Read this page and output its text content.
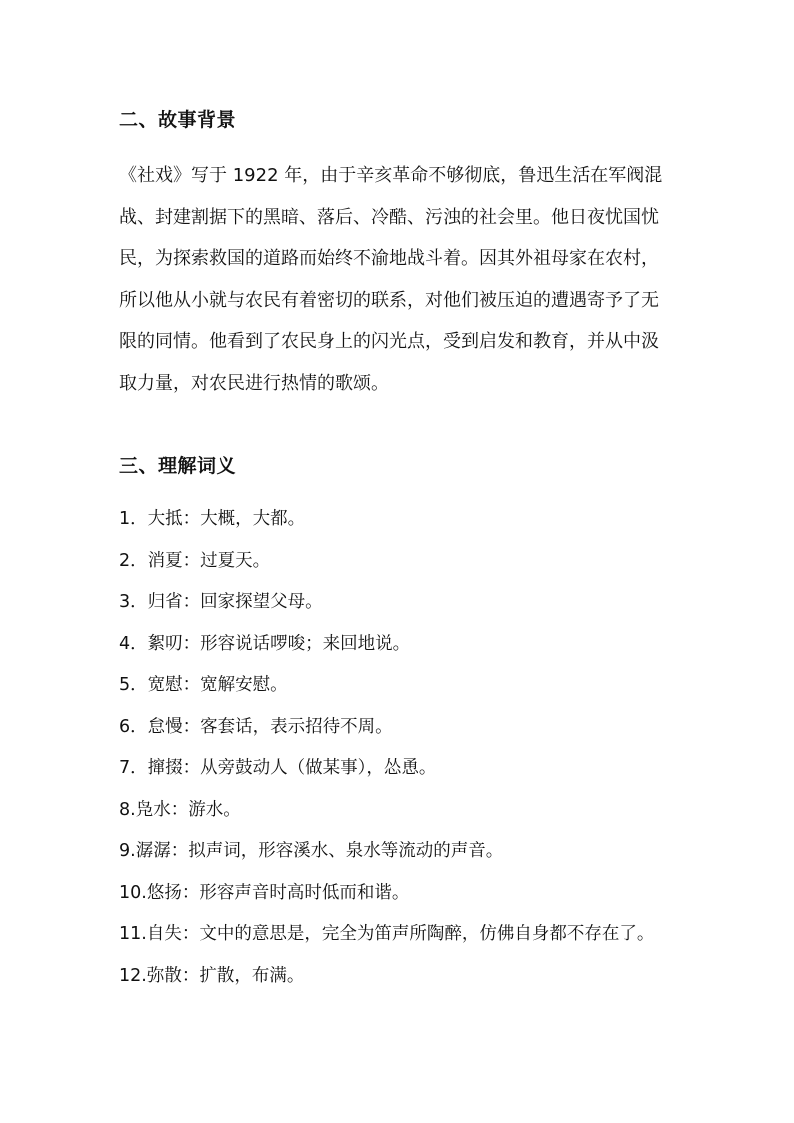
二、故事背景
《社戏》写于 1922 年，由于辛亥革命不够彻底，鲁迅生活在军阀混
战、封建割据下的黑暗、落后、冷酷、污浊的社会里。他日夜忧国忧
民，为探索救国的道路而始终不渝地战斗着。因其外祖母家在农村，
所以他从小就与农民有着密切的联系，对他们被压迫的遭遇寄予了无
限的同情。他看到了农民身上的闪光点，受到启发和教育，并从中汲
取力量，对农民进行热情的歌颂。
三、理解词义
1．大抵：大概，大都。
2．消夏：过夏天。
3．归省：回家探望父母。
4．絮叨：形容说话啰唆；来回地说。
5．宽慰：宽解安慰。
6．怠慢：客套话，表示招待不周。
7．撺掇：从旁鼓动人（做某事），怂恿。
8.凫水：游水。
9.潺潺：拟声词，形容溪水、泉水等流动的声音。
10.悠扬：形容声音时高时低而和谐。
11.自失：文中的意思是，完全为笛声所陶醉，仿佛自身都不存在了。
12.弥散：扩散，布满。
